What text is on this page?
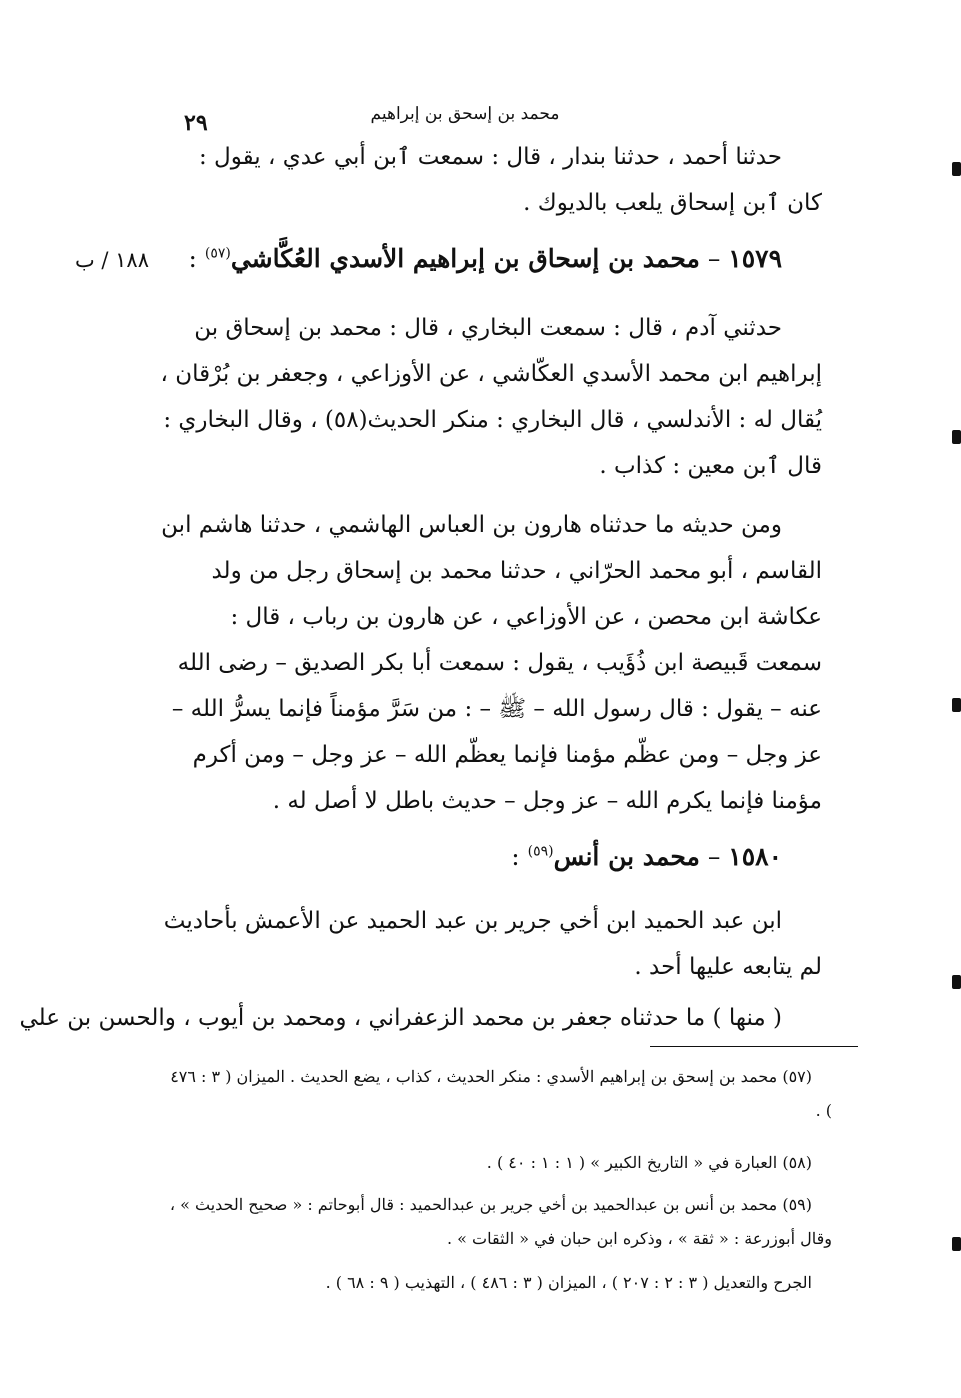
محمد بن إسحق بن إبراهيم
٢٩
حدثنا أحمد ، حدثنا بندار ، قال : سمعت ٱبن أبي عدي ، يقول : كان ٱبن إسحاق يلعب بالديوك .
١٥٧٩ – محمد بن إسحاق بن إبراهيم الأسدي العُكَّاشي$^{(٥٧)}$ :
١٨٨ / ب
حدثني آدم ، قال : سمعت البخاري ، قال : محمد بن إسحاق بن إبراهيم ابن محمد الأسدي العكّاشي ، عن الأوزاعي ، وجعفر بن بُرْقان ، يُقال له : الأندلسي ، قال البخاري : منكر الحديث(٥٨) ، وقال البخاري : قال ٱبن معين : كذاب .
ومن حديثه ما حدثناه هارون بن العباس الهاشمي ، حدثنا هاشم ابن القاسم ، أبو محمد الحرّاني ، حدثنا محمد بن إسحاق رجل من ولد عكاشة ابن محصن ، عن الأوزاعي ، عن هارون بن رباب ، قال : سمعت قَبيصة ابن ذُؤَيب ، يقول : سمعت أبا بكر الصديق – رضى الله عنه – يقول : قال رسول الله – ﷺ – : من سَرَّ مؤمناً فإنما يسرُّ الله – عز وجل – ومن عظّم مؤمنا فإنما يعظّم الله – عز وجل – ومن أكرم مؤمنا فإنما يكرم الله – عز وجل – حديث باطل لا أصل له .
١٥٨٠ – محمد بن أنس$^{(٥٩)}$ :
ابن عبد الحميد ابن أخي جرير بن عبد الحميد عن الأعمش بأحاديث لم يتابعه عليها أحد .
( منها ) ما حدثناه جعفر بن محمد الزعفراني ، ومحمد بن أيوب ، والحسن بن علي
(٥٧) محمد بن إسحق بن إبراهيم الأسدي : منكر الحديث ، كذاب ، يضع الحديث . الميزان ( ٣ : ٤٧٦ ) .
(٥٨) العبارة في « التاريخ الكبير » ( ١ : ١ : ٤٠ ) .
(٥٩) محمد بن أنس بن عبدالحميد بن أخي جرير بن عبدالحميد : قال أبوحاتم : « صحيح الحديث » ، وقال أبوزرعة : « ثقة » ، وذكره ابن حبان في « الثقات » .
الجرح والتعديل ( ٣ : ٢ : ٢٠٧ ) ، الميزان ( ٣ : ٤٨٦ ) ، التهذيب ( ٩ : ٦٨ ) .
